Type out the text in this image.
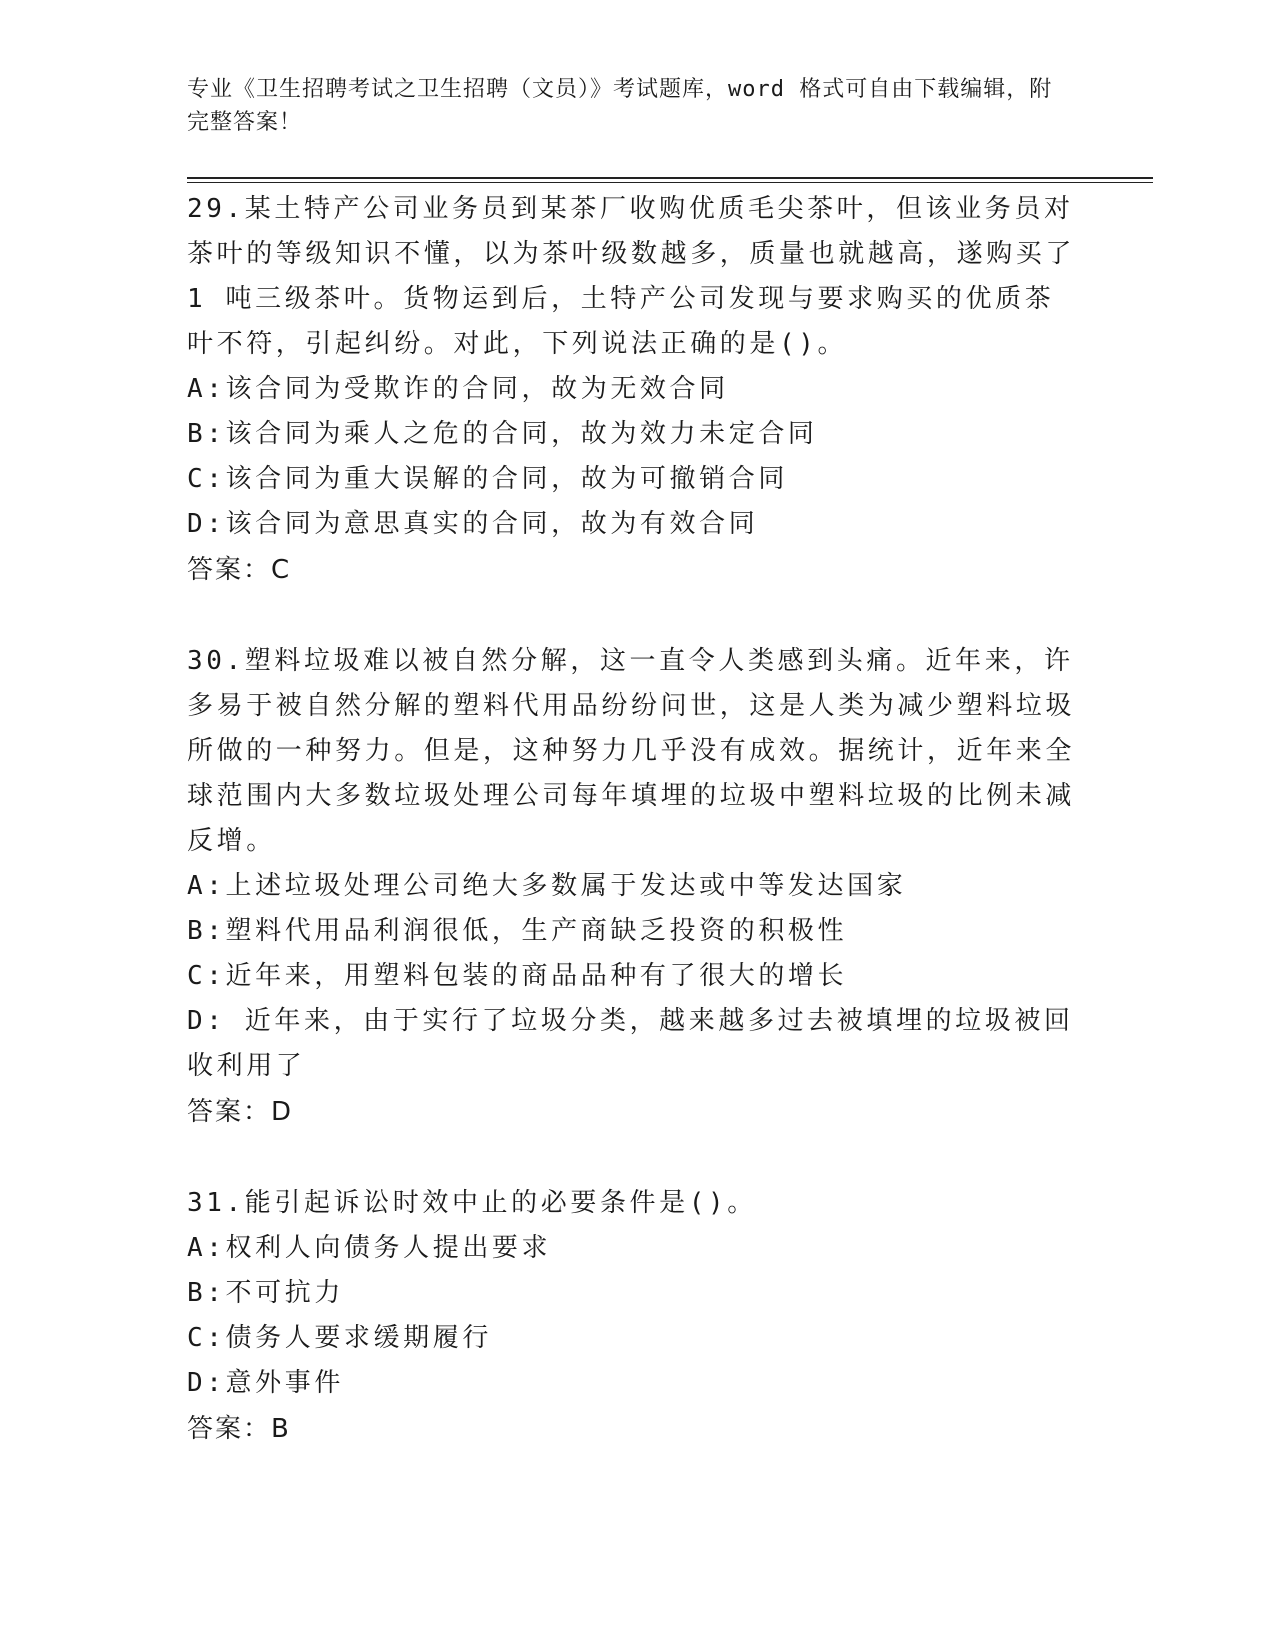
专业《卫生招聘考试之卫生招聘（文员）》考试题库，word 格式可自由下载编辑，附完整答案！

29.某土特产公司业务员到某茶厂收购优质毛尖茶叶，但该业务员对茶叶的等级知识不懂，以为茶叶级数越多，质量也就越高，遂购买了 1 吨三级茶叶。货物运到后，土特产公司发现与要求购买的优质茶叶不符，引起纠纷。对此，下列说法正确的是()。

A: 该合同为受欺诈的合同，故为无效合同

B: 该合同为乘人之危的合同，故为效力未定合同

C: 该合同为重大误解的合同，故为可撤销合同

D: 该合同为意思真实的合同，故为有效合同

答案：C

30.塑料垃圾难以被自然分解，这一直令人类感到头痛。近年来，许多易于被自然分解的塑料代用品纷纷问世，这是人类为减少塑料垃圾所做的一种努力。但是，这种努力几乎没有成效。据统计，近年来全球范围内大多数垃圾处理公司每年填埋的垃圾中塑料垃圾的比例未减反增。

A: 上述垃圾处理公司绝大多数属于发达或中等发达国家

B: 塑料代用品利润很低，生产商缺乏投资的积极性

C: 近年来，用塑料包装的商品品种有了很大的增长

D: 近年来，由于实行了垃圾分类，越来越多过去被填埋的垃圾被回收利用了

答案：D

31.能引起诉讼时效中止的必要条件是()。

A: 权利人向债务人提出要求

B: 不可抗力

C: 债务人要求缓期履行

D: 意外事件

答案：B
